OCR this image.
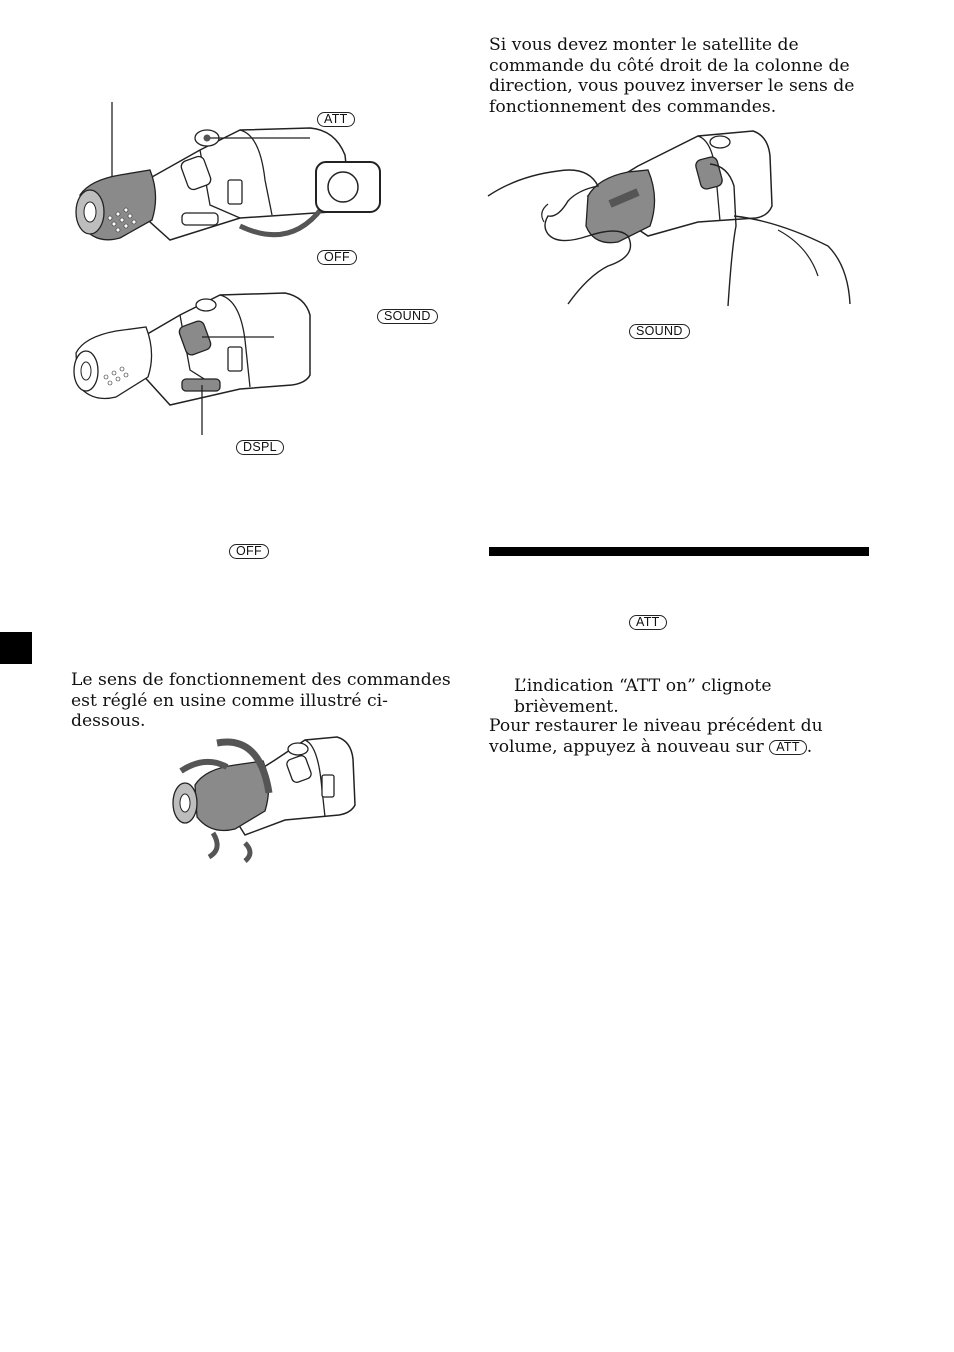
ATT
OFF
SOUND
DSPL
OFF

Le sens de fonctionnement des commandes est réglé en usine comme illustré ci-dessous.

Si vous devez monter le satellite de commande du côté droit de la colonne de direction, vous pouvez inverser le sens de fonctionnement des commandes.

SOUND
ATT

L’indication “ATT on” clignote brièvement.

Pour restaurer le niveau précédent du volume, appuyez à nouveau sur ATT .
